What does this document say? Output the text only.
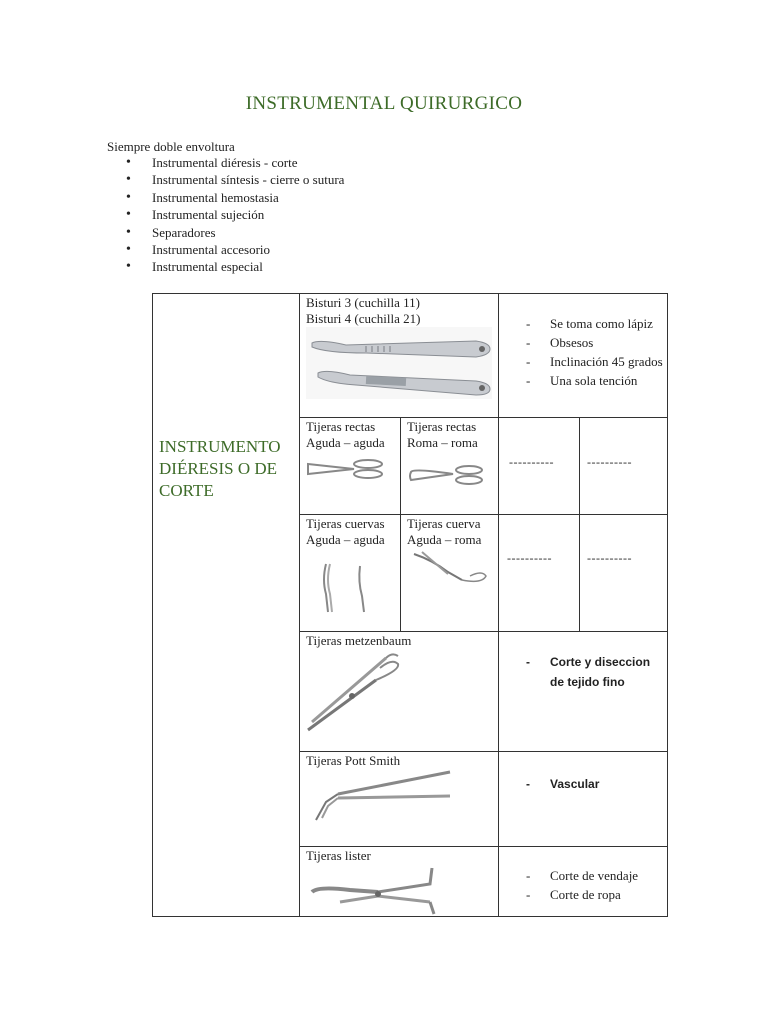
INSTRUMENTAL QUIRURGICO
Siempre doble envoltura
• Instrumental diéresis - corte
• Instrumental síntesis - cierre o sutura
• Instrumental hemostasia
• Instrumental sujeción
• Separadores
• Instrumental accesorio
• Instrumental especial
INSTRUMENTO DIÉRESIS O DE CORTE
Bisturi 3 (cuchilla 11)
Bisturi 4 (cuchilla 21)
-	Se toma como lápiz
- Obsesos
- Inclinación 45 grados
- Una sola tención
Tijeras rectas
Aguda – aguda
Tijeras rectas
Roma – roma
----------	----------
Tijeras cuervas
Aguda – aguda
Tijeras cuerva
Aguda – roma
----------	----------
Tijeras metzenbaum
- Corte y diseccion de tejido fino
Tijeras Pott Smith
- Vascular
Tijeras lister
- Corte de vendaje
- Corte de ropa
